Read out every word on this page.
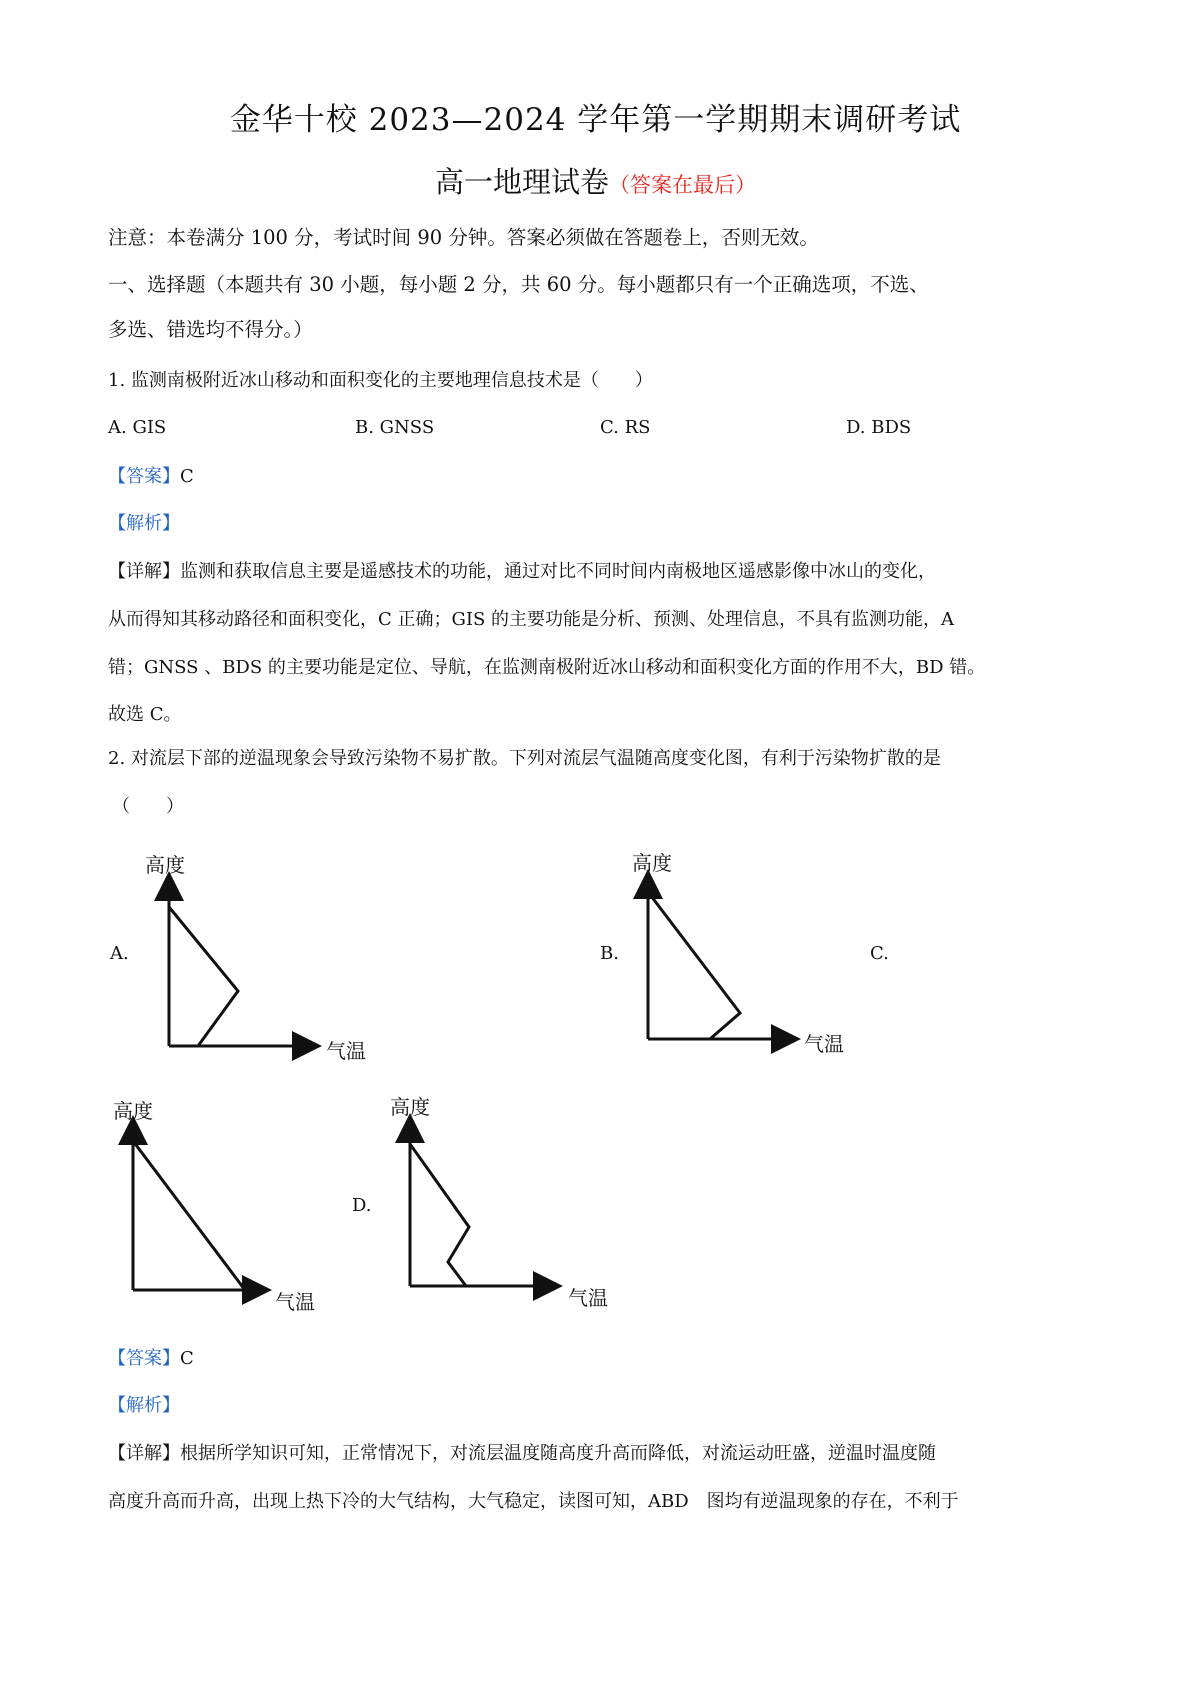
金华十校 2023—2024 学年第一学期期末调研考试
高一地理试卷（答案在最后）
注意：本卷满分 100 分，考试时间 90 分钟。答案必须做在答题卷上，否则无效。
一、选择题（本题共有 30 小题，每小题 2 分，共 60 分。每小题都只有一个正确选项，不选、
多选、错选均不得分。）
1. 监测南极附近冰山移动和面积变化的主要地理信息技术是（　　）
A. GIS	B. GNSS	C. RS	D. BDS
【答案】C
【解析】
【详解】监测和获取信息主要是遥感技术的功能，通过对比不同时间内南极地区遥感影像中冰山的变化，
从而得知其移动路径和面积变化，C 正确；GIS 的主要功能是分析、预测、处理信息，不具有监测功能，A
错；GNSS 、BDS 的主要功能是定位、导航，在监测南极附近冰山移动和面积变化方面的作用不大，BD 错。
故选 C。
2. 对流层下部的逆温现象会导致污染物不易扩散。下列对流层气温随高度变化图，有利于污染物扩散的是
（　　）
A.	B.	C.
D.
高度
气温
高度
气温
高度
气温
高度
气温
【答案】C
【解析】
【详解】根据所学知识可知，正常情况下，对流层温度随高度升高而降低，对流运动旺盛，逆温时温度随
高度升高而升高，出现上热下冷的大气结构，大气稳定，读图可知，ABD　图均有逆温现象的存在，不利于
